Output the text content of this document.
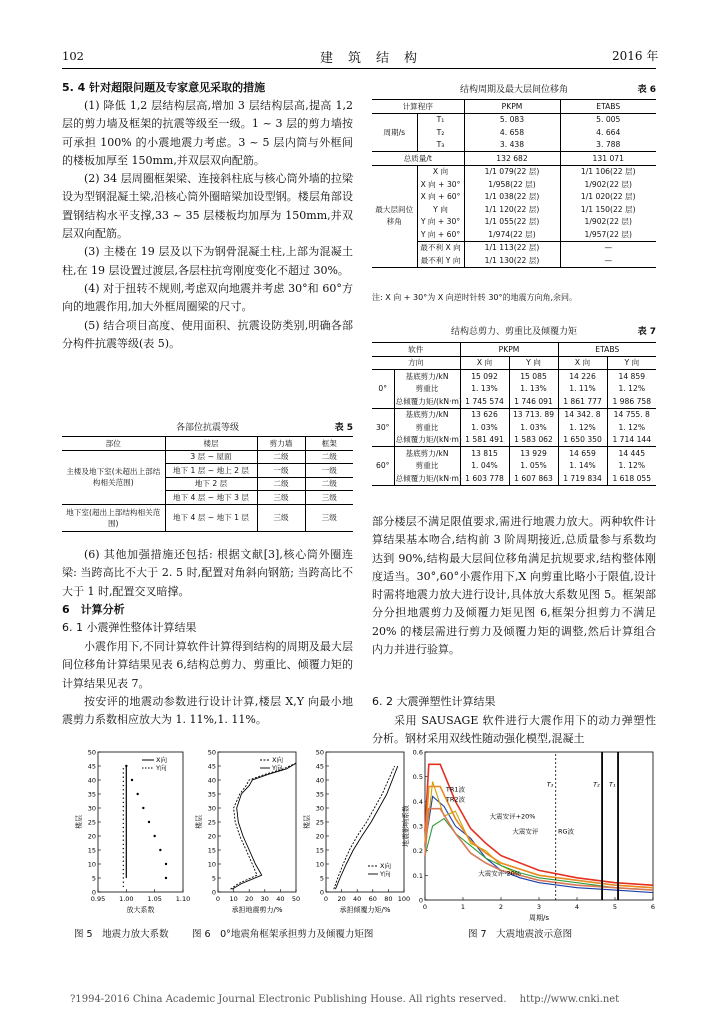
102	建　筑　结　构	2016 年
5. 4 针对超限问题及专家意见采取的措施

(1) 降低 1,2 层结构层高,增加 3 层结构层高,提高 1,2 层的剪力墙及框架的抗震等级至一级。1 ~ 3 层的剪力墙按可承担 100% 的小震地震力考虑。3 ~ 5 层内筒与外框间的楼板加厚至 150mm,并双层双向配筋。

(2) 34 层周圈框架梁、连接斜柱底与核心筒外墙的拉梁设为型钢混凝土梁,沿核心筒外圈暗梁加设型钢。楼层角部设置钢结构水平支撑,33 ~ 35 层楼板均加厚为 150mm,并双层双向配筋。

(3) 主楼在 19 层及以下为钢骨混凝土柱,上部为混凝土柱,在 19 层设置过渡层,各层柱抗弯刚度变化不超过 30%。

(4) 对于扭转不规则,考虑双向地震并考虑 30°和 60°方向的地震作用,加大外框周圈梁的尺寸。

(5) 结合项目高度、使用面积、抗震设防类别,明确各部分构件抗震等级(表 5)。

各部位抗震等级	表 5
部位	楼层	剪力墙	框架
主楼及地下室(未超出上部结构相关范围)	3 层 ~ 屋面	二级	二级
	地下 1 层 ~ 地上 2 层	一级	一级
	地下 2 层	二级	二级
	地下 4 层 ~ 地下 3 层	三级	三级
地下室(超出上部结构相关范围)	地下 4 层 ~ 地下 1 层	三级	三级

(6) 其他加强措施还包括: 根据文献[3],核心筒外圈连梁: 当跨高比不大于 2. 5 时,配置对角斜向钢筋; 当跨高比不大于 1 时,配置交叉暗撑。

6　计算分析
6. 1 小震弹性整体计算结果

小震作用下,不同计算软件计算得到结构的周期及最大层间位移角计算结果见表 6,结构总剪力、剪重比、倾覆力矩的计算结果见表 7。

按安评的地震动参数进行设计计算,楼层 X,Y 向最小地震剪力系数相应放大为 1. 11%,1. 11%。

结构周期及最大层间位移角	表 6
计算程序		PKPM	ETABS
周期/s	T₁	5. 083	5. 005
	T₂	4. 658	4. 664
	T₃	3. 438	3. 788
总质量/t		132 682	131 071
最大层间位移角	X 向	1/1 079(22 层)	1/1 106(22 层)
	X 向 + 30°	1/958(22 层)	1/902(22 层)
	X 向 + 60°	1/1 038(22 层)	1/1 020(22 层)
	Y 向	1/1 120(22 层)	1/1 150(22 层)
	Y 向 + 30°	1/1 055(22 层)	1/902(22 层)
	Y 向 + 60°	1/974(22 层)	1/957(22 层)
	最不利 X 向	1/1 113(22 层)	—
	最不利 Y 向	1/1 130(22 层)	—
注: X 向 + 30°为 X 向逆时针转 30°的地震方向角,余同。
结构总剪力、剪重比及倾覆力矩	表 7
软件		PKPM		ETABS	
方向		X 向	Y 向	X 向	Y 向
0°	基底剪力/kN	15 092	15 085	14 226	14 859
	剪重比	1. 13%	1. 13%	1. 11%	1. 12%
	总倾覆力矩/(kN·m)	1 745 574	1 746 091	1 861 777	1 986 758
30°	基底剪力/kN	13 626	13 713. 89	14 342. 8	14 755. 8
	剪重比	1. 03%	1. 03%	1. 12%	1. 12%
	总倾覆力矩/(kN·m)	1 581 491	1 583 062	1 650 350	1 714 144
60°	基底剪力/kN	13 815	13 929	14 659	14 445
	剪重比	1. 04%	1. 05%	1. 14%	1. 12%
	总倾覆力矩/(kN·m)	1 603 778	1 607 863	1 719 834	1 618 055

部分楼层不满足限值要求,需进行地震力放大。两种软件计算结果基本吻合,结构前 3 阶周期接近,总质量参与系数均达到 90%,结构最大层间位移角满足抗规要求,结构整体刚度适当。30°,60°小震作用下,X 向剪重比略小于限值,设计时需将地震力放大进行设计,具体放大系数见图 5。框架部分分担地震剪力及倾覆力矩见图 6,框架分担剪力不满足 20% 的楼层需进行剪力及倾覆力矩的调整,然后计算组合内力并进行验算。

6. 2 大震弹塑性计算结果

采用 SAUSAGE 软件进行大震作用下的动力弹塑性分析。钢材采用双线性随动强化模型,混凝土

0.95 1.00 1.05 1.10
0
5
10
15
20
25
30
35
40
45
50
放大系数
楼层
X向
Y向
0 10 20 30 40 50
0
5
10
15
20
25
30
35
40
45
50
承担地震剪力/%
楼层
X向
Y向
0 20 40 60 80 100
0
5
10
15
20
25
30
35
40
45
50
承担倾覆力矩/%
楼层
X向
Y向
0	1	2	3	4	5	6
0
0.1
0.2
0.3
0.4
0.5
0.6
周期/s
地震影响系数
T₃	T₂ T₁
TR1波
TR2波
大震安评+20%
大震安评	RG波
大震安评-20%
图 5　地震力放大系数 图 6　0°地震角框架承担剪力及倾覆力矩图	图 7　大震地震波示意图
?1994-2016 China Academic Journal Electronic Publishing House. All rights reserved.　 http://www.cnki.net
